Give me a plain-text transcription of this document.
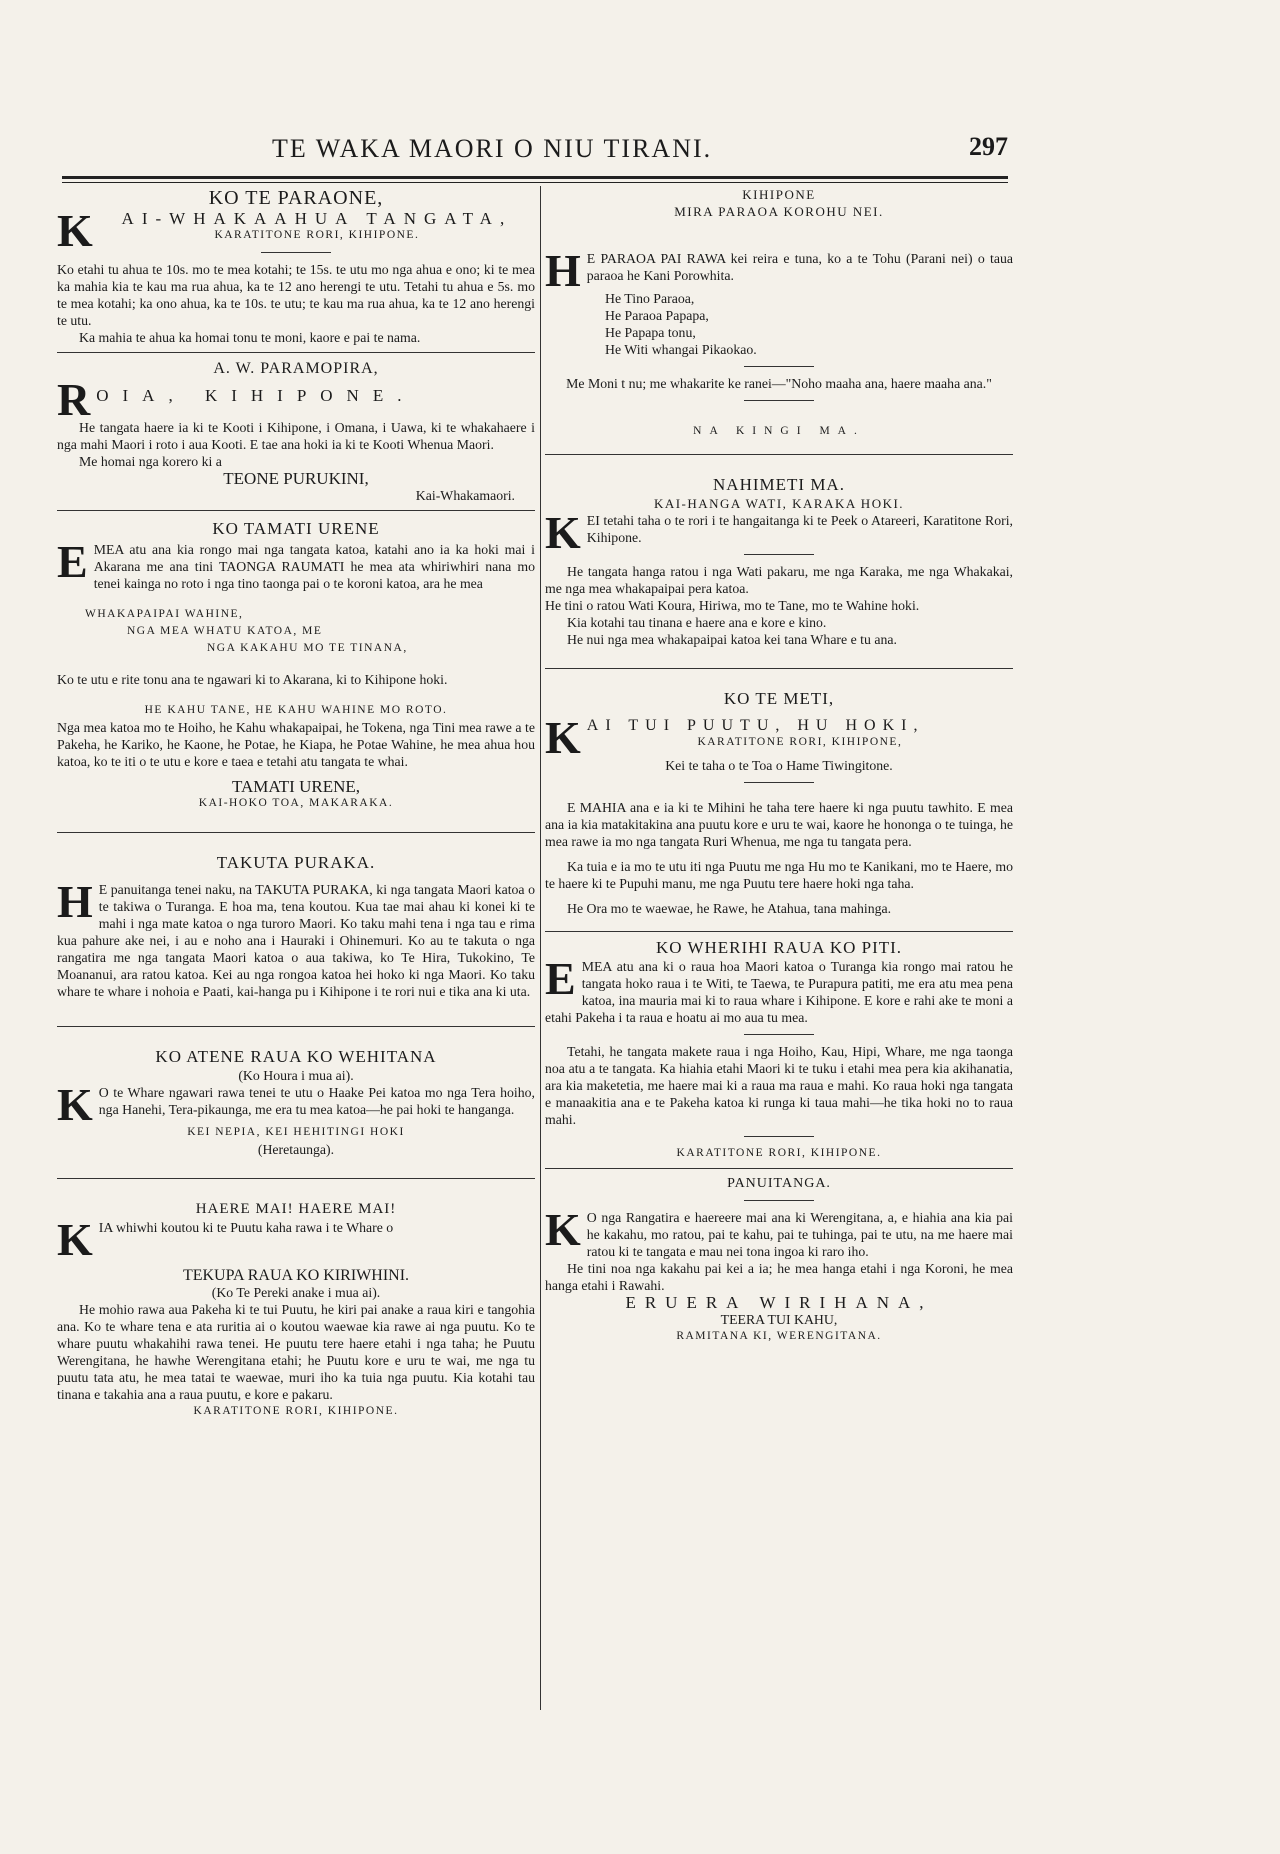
TE WAKA MAORI O NIU TIRANI.	297
KO TE PARAONE,
K	AI-WHAKAAHUA TANGATA,
KARATITONE RORI, KIHIPONE.

Ko etahi tu ahua te 10s. mo te mea kotahi; te 15s. te utu mo nga ahua e ono; ki te mea ka mahia kia te kau ma rua ahua, ka te 12 ano herengi te utu. Tetahi tu ahua e 5s. mo te mea kotahi; ka ono ahua, ka te 10s. te utu; te kau ma rua ahua, ka te 12 ano herengi te utu.

Ka mahia te ahua ka homai tonu te moni, kaore e pai te nama.

A. W. PARAMOPIRA,
R OIA, KIHIPONE.

He tangata haere ia ki te Kooti i Kihipone, i Omana, i Uawa, ki te whakahaere i nga mahi Maori i roto i aua Kooti. E tae ana hoki ia ki te Kooti Whenua Maori.

Me homai nga korero ki a

TEONE PURUKINI,
Kai-Whakamaori.
KO TAMATI URENE
E MEA atu ana kia rongo mai nga tangata katoa, katahi ano ia ka hoki mai i Akarana me ana tini TAONGA RAUMATI he mea ata whiriwhiri nana mo tenei kainga no roto i nga tino taonga pai o te koroni katoa, ara he mea

WHAKAPAIPAI WAHINE,
NGA MEA WHATU KATOA, ME
NGA KAKAHU MO TE TINANA,

Ko te utu e rite tonu ana te ngawari ki to Akarana, ki to Kihipone hoki.

HE KAHU TANE, HE KAHU WAHINE MO ROTO.

Nga mea katoa mo te Hoiho, he Kahu whakapaipai, he Tokena, nga Tini mea rawe a te Pakeha, he Kariko, he Kaone, he Potae, he Kiapa, he Potae Wahine, he mea ahua hou katoa, ko te iti o te utu e kore e taea e tetahi atu tangata te whai.

TAMATI URENE,
KAI-HOKO TOA, MAKARAKA.
TAKUTA PURAKA.
H E panuitanga tenei naku, na TAKUTA PURAKA, ki nga tangata Maori katoa o te takiwa o Turanga. E hoa ma, tena koutou. Kua tae mai ahau ki konei ki te mahi i nga mate katoa o nga turoro Maori. Ko taku mahi tena i nga tau e rima kua pahure ake nei, i au e noho ana i Hauraki i Ohinemuri. Ko au te takuta o nga rangatira me nga tangata Maori katoa o aua takiwa, ko Te Hira, Tukokino, Te Moananui, ara ratou katoa. Kei au nga rongoa katoa hei hoko ki nga Maori. Ko taku whare te whare i nohoia e Paati, kai-hanga pu i Kihipone i te rori nui e tika ana ki uta.

KO ATENE RAUA KO WEHITANA
(Ko Houra i mua ai).
K O te Whare ngawari rawa tenei te utu o Haake Pei katoa mo nga Tera hoiho, nga Hanehi, Tera-pikaunga, me era tu mea katoa—he pai hoki te hanganga.

KEI NEPIA, KEI HEHITINGI HOKI
(Heretaunga).
HAERE MAI! HAERE MAI!
K IA whiwhi koutou ki te Puutu kaha rawa i te Whare o

TEKUPA RAUA KO KIRIWHINI.
(Ko Te Pereki anake i mua ai).

He mohio rawa aua Pakeha ki te tui Puutu, he kiri pai anake a raua kiri e tangohia ana. Ko te whare tena e ata ruritia ai o koutou waewae kia rawe ai nga puutu. Ko te whare puutu whakahihi rawa tenei. He puutu tere haere etahi i nga taha; he Puutu Werengitana, he hawhe Werengitana etahi; he Puutu kore e uru te wai, me nga tu puutu tata atu, he mea tatai te waewae, muri iho ka tuia nga puutu. Kia kotahi tau tinana e takahia ana a raua puutu, e kore e pakaru.

KARATITONE RORI, KIHIPONE.
KIHIPONE
MIRA PARAOA KOROHU NEI.
H E PARAOA PAI RAWA kei reira e tuna, ko a te Tohu (Parani nei) o taua paraoa he Kani Porowhita.

He Tino Paraoa,
He Paraoa Papapa,
He Papapa tonu,
He Witi whangai Pikaokao.

Me Moni t nu; me whakarite ke ranei—"Noho maaha ana, haere maaha ana."

NA KINGI MA.
NAHIMETI MA.
KAI-HANGA WATI, KARAKA HOKI.
K EI tetahi taha o te rori i te hangaitanga ki te Peek o Atareeri, Karatitone Rori, Kihipone.

He tangata hanga ratou i nga Wati pakaru, me nga Karaka, me nga Whakakai, me nga mea whakapaipai pera katoa.

He tini o ratou Wati Koura, Hiriwa, mo te Tane, mo te Wahine hoki.

Kia kotahi tau tinana e haere ana e kore e kino.

He nui nga mea whakapaipai katoa kei tana Whare e tu ana.

KO TE METI,
K AI TUI PUUTU, HU HOKI,
KARATITONE RORI, KIHIPONE,
Kei te taha o te Toa o Hame Tiwingitone.

E MAHIA ana e ia ki te Mihini he taha tere haere ki nga puutu tawhito. E mea ana ia kia matakitakina ana puutu kore e uru te wai, kaore he hononga o te tuinga, he mea rawe ia mo nga tangata Ruri Whenua, me nga tu tangata pera.

Ka tuia e ia mo te utu iti nga Puutu me nga Hu mo te Kanikani, mo te Haere, mo te haere ki te Pupuhi manu, me nga Puutu tere haere hoki nga taha.

He Ora mo te waewae, he Rawe, he Atahua, tana mahinga.

KO WHERIHI RAUA KO PITI.
E MEA atu ana ki o raua hoa Maori katoa o Turanga kia rongo mai ratou he tangata hoko raua i te Witi, te Taewa, te Purapura patiti, me era atu mea pena katoa, ina mauria mai ki to raua whare i Kihipone. E kore e rahi ake te moni a etahi Pakeha i ta raua e hoatu ai mo aua tu mea.

Tetahi, he tangata makete raua i nga Hoiho, Kau, Hipi, Whare, me nga taonga noa atu a te tangata. Ka hiahia etahi Maori ki te tuku i etahi mea pera kia akihanatia, ara kia maketetia, me haere mai ki a raua ma raua e mahi. Ko raua hoki nga tangata e manaakitia ana e te Pakeha katoa ki runga ki taua mahi—he tika hoki no to raua mahi.

KARATITONE RORI, KIHIPONE.
PANUITANGA.
K O nga Rangatira e haereere mai ana ki Werengitana, a, e hiahia ana kia pai he kakahu, mo ratou, pai te kahu, pai te tuhinga, pai te utu, na me haere mai ratou ki te tangata e mau nei tona ingoa ki raro iho.

He tini noa nga kakahu pai kei a ia; he mea hanga etahi i nga Koroni, he mea hanga etahi i Rawahi.

ERUERA WIRIHANA,
TEERA TUI KAHU,
RAMITANA KI, WERENGITANA.
